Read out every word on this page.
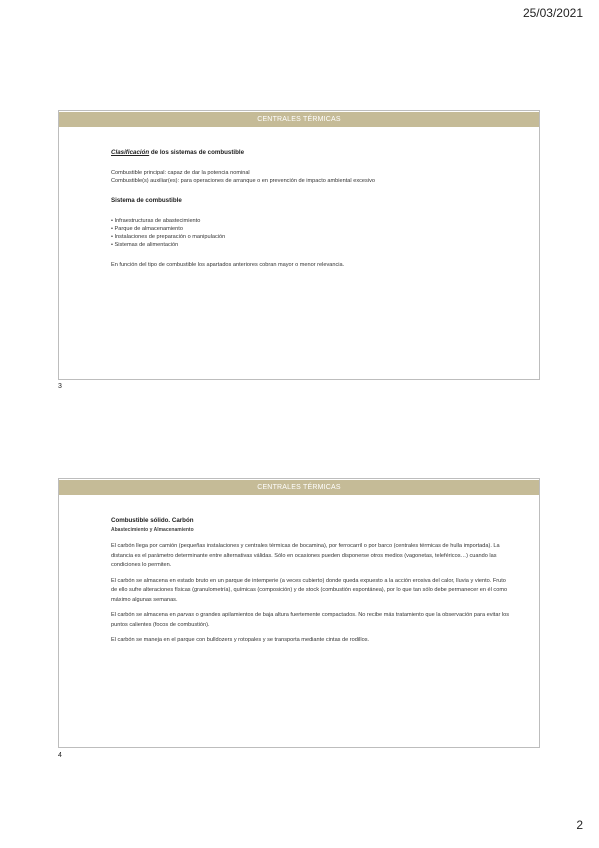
25/03/2021
CENTRALES TÉRMICAS
Clasificación de los sistemas de combustible
Combustible principal: capaz de dar la potencia nominal
Combustible(s) auxiliar(es): para operaciones de arranque o en prevención de impacto ambiental excesivo
Sistema de combustible
• Infraestructuras de abastecimiento
• Parque de almacenamiento
• Instalaciones de preparación o manipulación
• Sistemas de alimentación
En función del tipo de combustible los apartados anteriores cobran mayor o menor relevancia.
3
CENTRALES TÉRMICAS
Combustible sólido. Carbón
Abastecimiento y Almacenamiento
El carbón llega por camión (pequeñas instalaciones y centrales térmicas de bocamina), por ferrocarril o por barco (centrales térmicas de hulla importada). La distancia es el parámetro determinante entre alternativas válidas. Sólo en ocasiones pueden disponerse otros medios (vagonetas, teleféricos…) cuando las condiciones lo permiten.
El carbón se almacena en estado bruto en un parque de intemperie (a veces cubierto) donde queda expuesto a la acción erosiva del calor, lluvia y viento. Fruto de ello sufre alteraciones físicas (granulometría), químicas (composición) y de stock (combustión espontánea), por lo que tan sólo debe permanecer en él como máximo algunas semanas.
El carbón se almacena en parvas o grandes apilamientos de baja altura fuertemente compactados. No recibe más tratamiento que la observación para evitar los puntos calientes (focos de combustión).
El carbón se maneja en el parque con bulldozers y rotopales y se transporta mediante cintas de rodillos.
4
2
